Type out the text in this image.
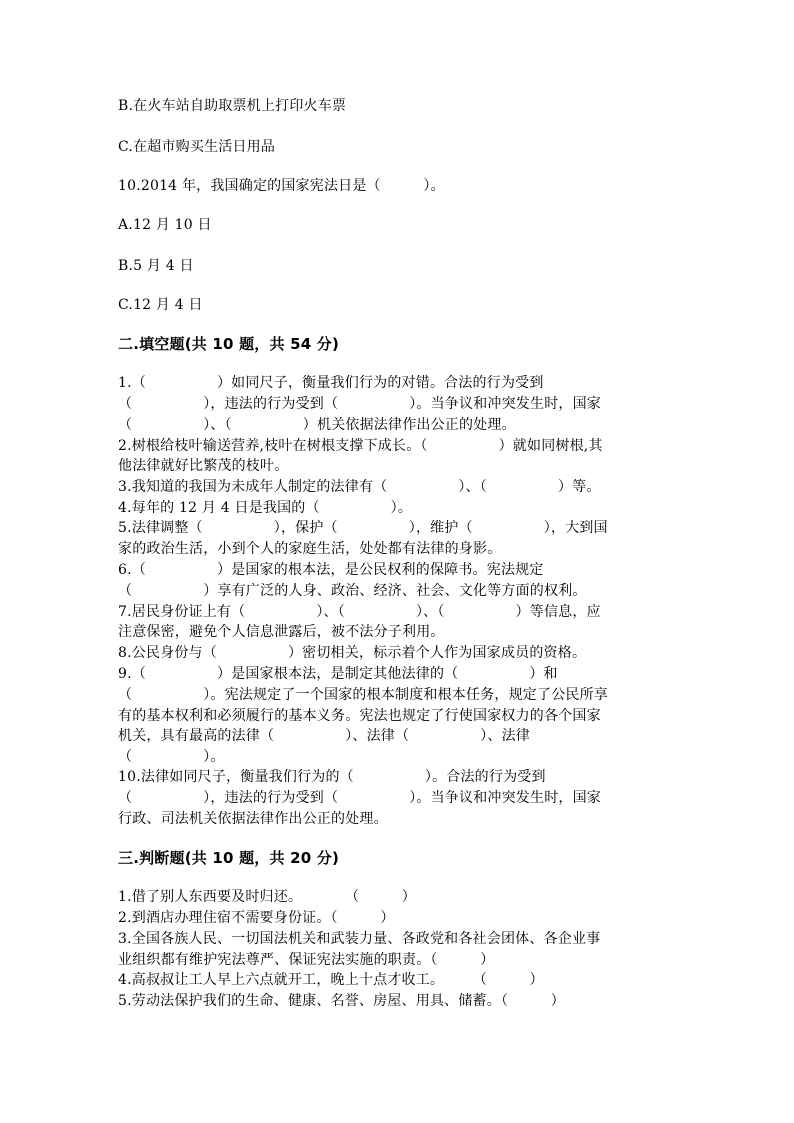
B.在火车站自助取票机上打印火车票
C.在超市购买生活日用品
10.2014 年，我国确定的国家宪法日是（　　　）。
A.12 月 10 日
B.5 月 4 日
C.12 月 4 日
二.填空题(共 10 题，共 54 分)
1.（　　　　　）如同尺子，衡量我们行为的对错。合法的行为受到
（　　　　　），违法的行为受到（　　　　　）。当争议和冲突发生时，国家
（　　　　　）、（　　　　　）机关依据法律作出公正的处理。
2.树根给枝叶输送营养,枝叶在树根支撑下成长。（　　　　　）就如同树根,其
他法律就好比繁茂的枝叶。
3.我知道的我国为未成年人制定的法律有（　　　　　）、（　　　　　）等。
4.每年的 12 月 4 日是我国的（　　　　　）。
5.法律调整（　　　　　），保护（　　　　　），维护（　　　　　），大到国
家的政治生活，小到个人的家庭生活，处处都有法律的身影。
6.（　　　　　）是国家的根本法，是公民权利的保障书。宪法规定
（　　　　　）享有广泛的人身、政治、经济、社会、文化等方面的权利。
7.居民身份证上有（　　　　　）、（　　　　　）、（　　　　　）等信息，应
注意保密，避免个人信息泄露后，被不法分子利用。
8.公民身份与（　　　　　）密切相关，标示着个人作为国家成员的资格。
9.（　　　　　）是国家根本法，是制定其他法律的（　　　　　）和
（　　　　　）。宪法规定了一个国家的根本制度和根本任务，规定了公民所享
有的基本权利和必须履行的基本义务。宪法也规定了行使国家权力的各个国家
机关，具有最高的法律（　　　　　）、法律（　　　　　）、法律
（　　　　　）。
10.法律如同尺子，衡量我们行为的（　　　　　）。合法的行为受到
（　　　　　），违法的行为受到（　　　　　）。当争议和冲突发生时，国家
行政、司法机关依据法律作出公正的处理。
三.判断题(共 10 题，共 20 分)
1.借了别人东西要及时归还。　　　　（　　　）
2.到酒店办理住宿不需要身份证。（　　　）
3.全国各族人民、一切国法机关和武装力量、各政党和各社会团体、各企业事
业组织都有维护宪法尊严、保证宪法实施的职责。（　　　）
4.高叔叔让工人早上六点就开工，晚上十点才收工。　　　（　　　）
5.劳动法保护我们的生命、健康、名誉、房屋、用具、储蓄。（　　　）
